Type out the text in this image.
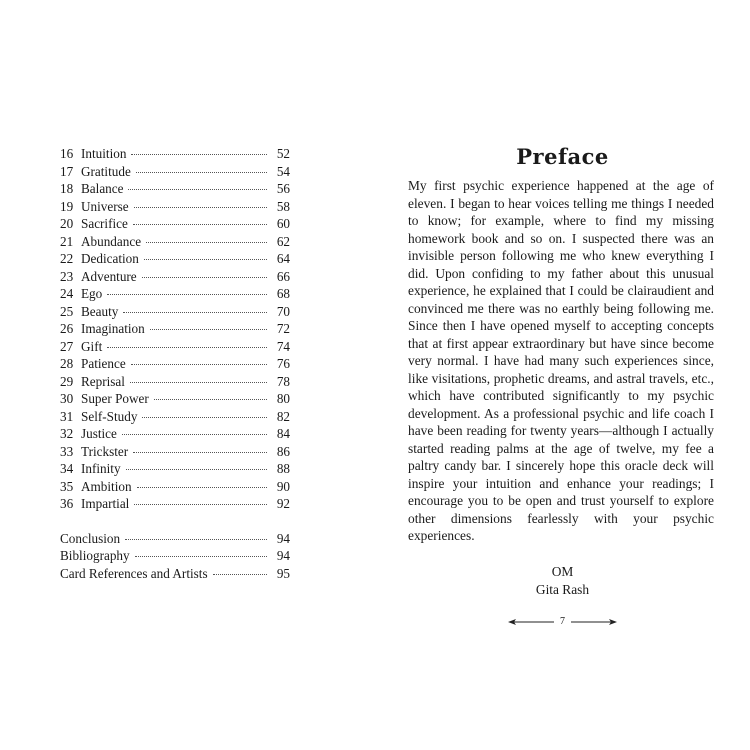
16 Intuition	52
17 Gratitude	54
18 Balance	56
19 Universe	58
20 Sacrifice	60
21 Abundance	62
22 Dedication	64
23 Adventure	66
24 Ego	68
25 Beauty	70
26 Imagination	72
27 Gift	74
28 Patience	76
29 Reprisal	78
30 Super Power	80
31 Self-Study	82
32 Justice	84
33 Trickster	86
34 Infinity	88
35 Ambition	90
36 Impartial	92
Conclusion	94
Bibliography	94
Card References and Artists	95
Preface

My first psychic experience happened at the age of eleven. I began to hear voices telling me things I needed to know; for example, where to find my missing homework book and so on. I suspected there was an invisible person following me who knew everything I did. Upon confiding to my father about this unusual experience, he explained that I could be clairaudient and convinced me there was no earthly being following me. Since then I have opened myself to accepting concepts that at first appear extraordinary but have since become very normal. I have had many such experiences since, like visitations, prophetic dreams, and astral travels, etc., which have contributed significantly to my psychic development. As a professional psychic and life coach I have been reading for twenty years—although I actually started reading palms at the age of twelve, my fee a paltry candy bar. I sincerely hope this oracle deck will inspire your intuition and enhance your readings; I encourage you to be open and trust yourself to explore other dimensions fearlessly with your psychic experiences.

OM
Gita Rash
7
